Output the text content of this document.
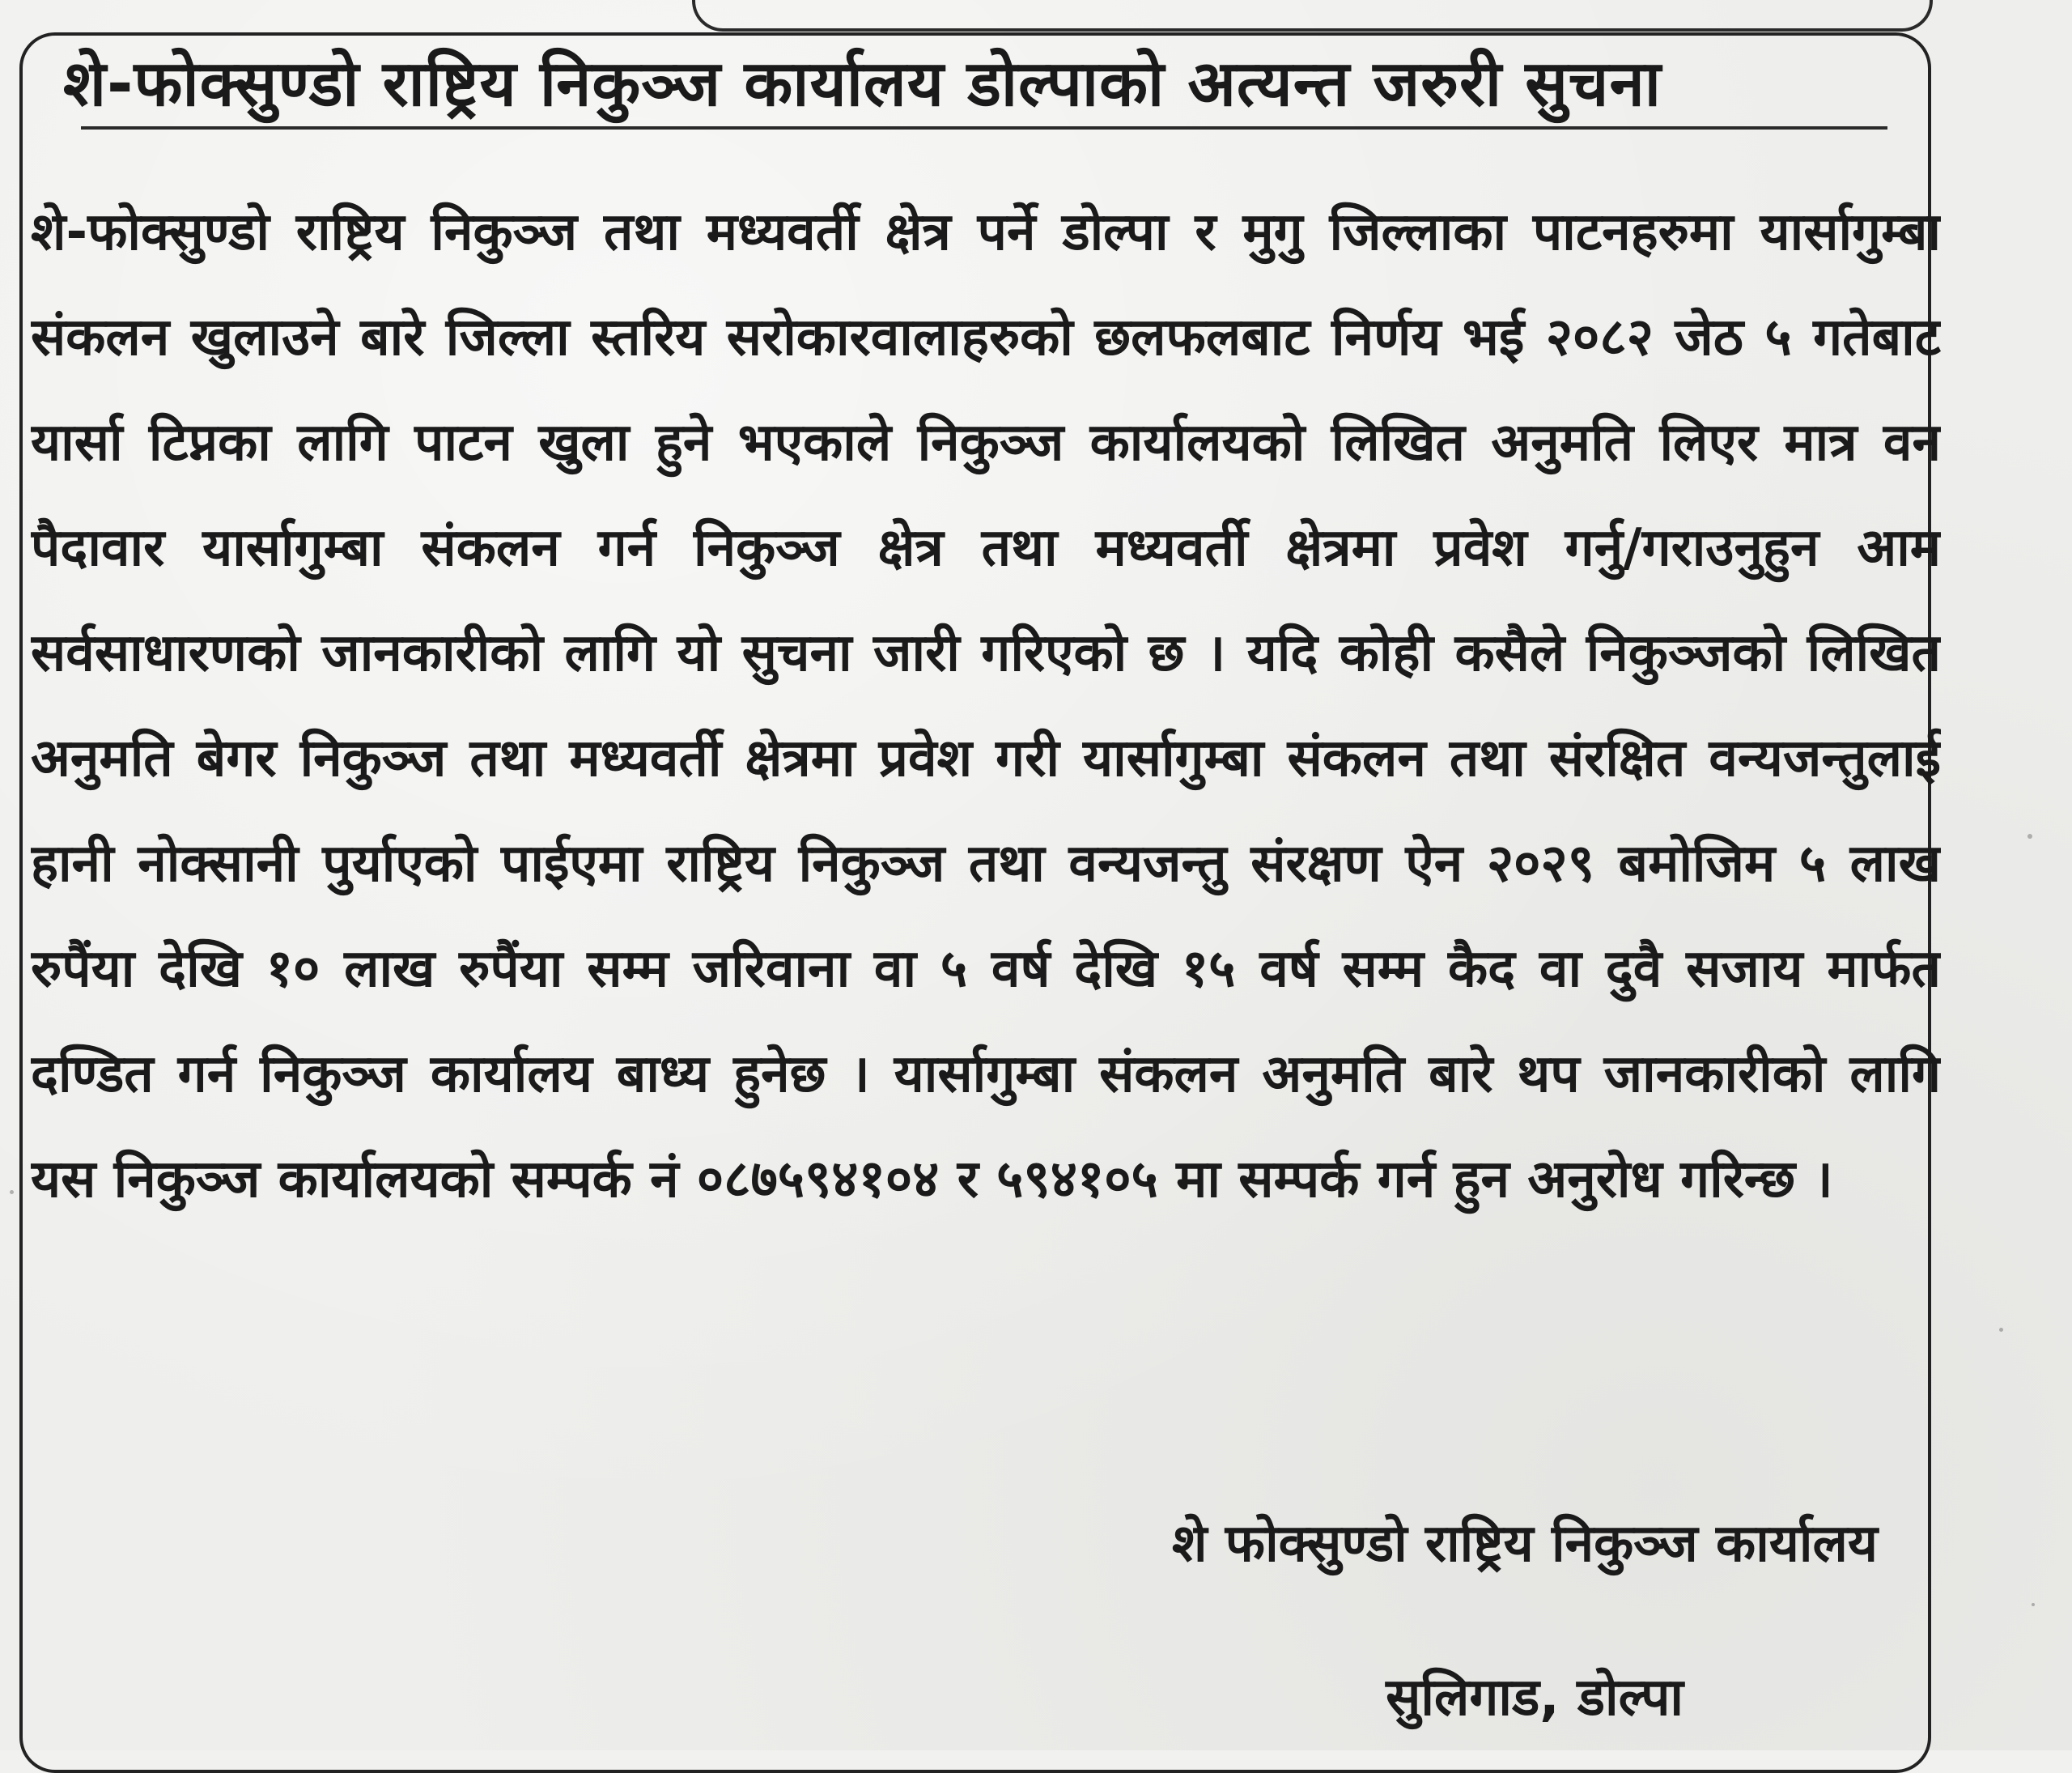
शे-फोक्सुण्डो राष्ट्रिय निकुञ्ज कार्यालय डोल्पाको अत्यन्त जरुरी सुचना

शे-फोक्सुण्डो राष्ट्रिय निकुञ्ज तथा मध्यवर्ती क्षेत्र पर्ने डोल्पा र मुगु जिल्लाका पाटनहरुमा यार्सागुम्बा संकलन खुलाउने बारे जिल्ला स्तरिय सरोकारवालाहरुको छलफलबाट निर्णय भई २०८२ जेठ ५ गतेबाट यार्सा टिप्नका लागि पाटन खुला हुने भएकाले निकुञ्ज कार्यालयको लिखित अनुमति लिएर मात्र वन पैदावार यार्सागुम्बा संकलन गर्न निकुञ्ज क्षेत्र तथा मध्यवर्ती क्षेत्रमा प्रवेश गर्नु/गराउनुहुन आम सर्वसाधारणको जानकारीको लागि यो सुचना जारी गरिएको छ । यदि कोही कसैले निकुञ्जको लिखित अनुमति बेगर निकुञ्ज तथा मध्यवर्ती क्षेत्रमा प्रवेश गरी यार्सागुम्बा संकलन तथा संरक्षित वन्यजन्तुलाई हानी नोक्सानी पुर्याएको पाईएमा राष्ट्रिय निकुञ्ज तथा वन्यजन्तु संरक्षण ऐन २०२९ बमोजिम ५ लाख रुपैंया देखि १० लाख रुपैंया सम्म जरिवाना वा ५ वर्ष देखि १५ वर्ष सम्म कैद वा दुवै सजाय मार्फत दण्डित गर्न निकुञ्ज कार्यालय बाध्य हुनेछ । यार्सागुम्बा संकलन अनुमति बारे थप जानकारीको लागि यस निकुञ्ज कार्यालयको सम्पर्क नं ०८७५९४१०४ र ५९४१०५ मा सम्पर्क गर्न हुन अनुरोध गरिन्छ ।

शे फोक्सुण्डो राष्ट्रिय निकुञ्ज कार्यालय

सुलिगाड, डोल्पा
